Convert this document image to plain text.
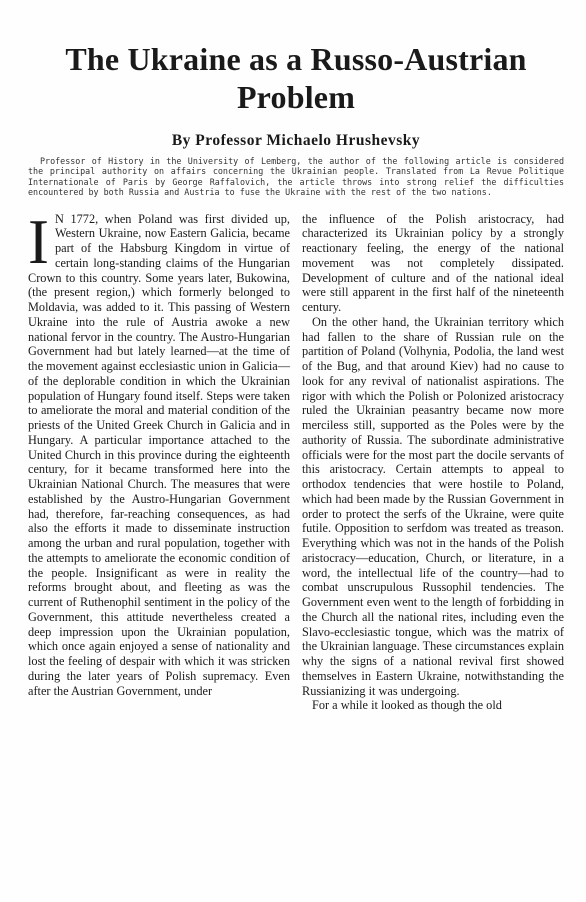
The Ukraine as a Russo-Austrian
Problem
By Professor Michaelo Hrushevsky

Professor of History in the University of Lemberg, the author of the following article is considered the principal authority on affairs concerning the Ukrainian people. Translated from La Revue Politique Internationale of Paris by George Raffalovich, the article throws into strong relief the difficulties encountered by both Russia and Austria to fuse the Ukraine with the rest of the two nations.

I N 1772, when Poland was first divided up, Western Ukraine, now Eastern Galicia, became part of the Habsburg Kingdom in virtue of certain long-standing claims of the Hungarian Crown to this country. Some years later, Bukowina, (the present region,) which formerly belonged to Moldavia, was added to it. This passing of Western Ukraine into the rule of Austria awoke a new national fervor in the country. The Austro-Hungarian Government had but lately learned—at the time of the movement against ecclesiastic union in Galicia—of the deplorable condition in which the Ukrainian population of Hungary found itself. Steps were taken to ameliorate the moral and material condition of the priests of the United Greek Church in Galicia and in Hungary. A particular importance attached to the United Church in this province during the eighteenth century, for it became transformed here into the Ukrainian National Church. The measures that were established by the Austro-Hungarian Government had, therefore, far-reaching consequences, as had also the efforts it made to disseminate instruction among the urban and rural population, together with the attempts to ameliorate the economic condition of the people. Insignificant as were in reality the reforms brought about, and fleeting as was the current of Ruthenophil sentiment in the policy of the Government, this attitude nevertheless created a deep impression upon the Ukrainian population, which once again enjoyed a sense of nationality and lost the feeling of despair with which it was stricken during the later years of Polish supremacy. Even after the Austrian Government, under

the influence of the Polish aristocracy, had characterized its Ukrainian policy by a strongly reactionary feeling, the energy of the national movement was not completely dissipated. Development of culture and of the national ideal were still apparent in the first half of the nineteenth century.

On the other hand, the Ukrainian territory which had fallen to the share of Russian rule on the partition of Poland (Volhynia, Podolia, the land west of the Bug, and that around Kiev) had no cause to look for any revival of nationalist aspirations. The rigor with which the Polish or Polonized aristocracy ruled the Ukrainian peasantry became now more merciless still, supported as the Poles were by the authority of Russia. The subordinate administrative officials were for the most part the docile servants of this aristocracy. Certain attempts to appeal to orthodox tendencies that were hostile to Poland, which had been made by the Russian Government in order to protect the serfs of the Ukraine, were quite futile. Opposition to serfdom was treated as treason. Everything which was not in the hands of the Polish aristocracy—education, Church, or literature, in a word, the intellectual life of the country—had to combat unscrupulous Russophil tendencies. The Government even went to the length of forbidding in the Church all the national rites, including even the Slavo-ecclesiastic tongue, which was the matrix of the Ukrainian language. These circumstances explain why the signs of a national revival first showed themselves in Eastern Ukraine, notwithstanding the Russianizing it was undergoing.

For a while it looked as though the old
